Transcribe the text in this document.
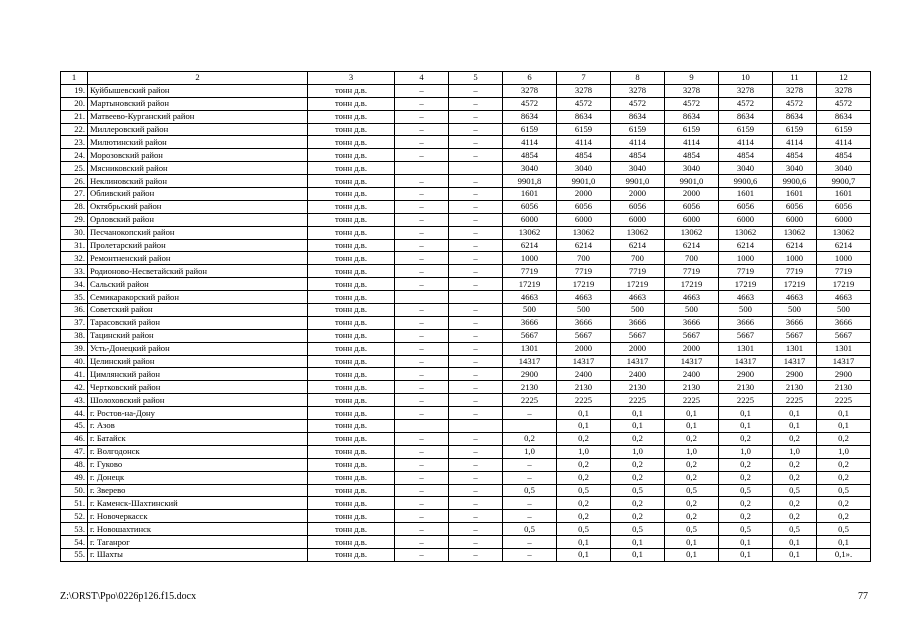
1	2	3	4	5	6	7	8	9	10	11	12
19.	Куйбышевский район	тонн д.в.	–	–	3278	3278	3278	3278	3278	3278	3278
20.	Мартыновский район	тонн д.в.	–	–	4572	4572	4572	4572	4572	4572	4572
21.	Матвеево-Курганский район	тонн д.в.	–	–	8634	8634	8634	8634	8634	8634	8634
22.	Миллеровский район	тонн д.в.	–	–	6159	6159	6159	6159	6159	6159	6159
23.	Милютинский район	тонн д.в.	–	–	4114	4114	4114	4114	4114	4114	4114
24.	Морозовский район	тонн д.в.	–	–	4854	4854	4854	4854	4854	4854	4854
25.	Мясниковский район	тонн д.в.			3040	3040	3040	3040	3040	3040	3040
26.	Неклиновский район	тонн д.в.	–	–	9901,8	9901,0	9901,0	9901,0	9900,6	9900,6	9900,7
27.	Обливский район	тонн д.в.	–	–	1601	2000	2000	2000	1601	1601	1601
28.	Октябрьский район	тонн д.в.	–	–	6056	6056	6056	6056	6056	6056	6056
29.	Орловский район	тонн д.в.	–	–	6000	6000	6000	6000	6000	6000	6000
30.	Песчанокопский район	тонн д.в.	–	–	13062	13062	13062	13062	13062	13062	13062
31.	Пролетарский район	тонн д.в.	–	–	6214	6214	6214	6214	6214	6214	6214
32.	Ремонтненский район	тонн д.в.	–	–	1000	700	700	700	1000	1000	1000
33.	Родионово-Несветайский район	тонн д.в.	–	–	7719	7719	7719	7719	7719	7719	7719
34.	Сальский район	тонн д.в.	–	–	17219	17219	17219	17219	17219	17219	17219
35.	Семикаракорский район	тонн д.в.			4663	4663	4663	4663	4663	4663	4663
36.	Советский район	тонн д.в.	–	–	500	500	500	500	500	500	500
37.	Тарасовский район	тонн д.в.	–	–	3666	3666	3666	3666	3666	3666	3666
38.	Тацинский район	тонн д.в.	–	–	5667	5667	5667	5667	5667	5667	5667
39.	Усть-Донецкий район	тонн д.в.	–	–	1301	2000	2000	2000	1301	1301	1301
40.	Целинский район	тонн д.в.	–	–	14317	14317	14317	14317	14317	14317	14317
41.	Цимлянский район	тонн д.в.	–	–	2900	2400	2400	2400	2900	2900	2900
42.	Чертковский район	тонн д.в.	–	–	2130	2130	2130	2130	2130	2130	2130
43.	Шолоховский район	тонн д.в.	–	–	2225	2225	2225	2225	2225	2225	2225
44.	г. Ростов-на-Дону	тонн д.в.	–	–	–	0,1	0,1	0,1	0,1	0,1	0,1
45.	г. Азов	тонн д.в.				0,1	0,1	0,1	0,1	0,1	0,1
46.	г. Батайск	тонн д.в.	–	–	0,2	0,2	0,2	0,2	0,2	0,2	0,2
47.	г. Волгодонск	тонн д.в.	–	–	1,0	1,0	1,0	1,0	1,0	1,0	1,0
48.	г. Гуково	тонн д.в.	–	–	–	0,2	0,2	0,2	0,2	0,2	0,2
49.	г. Донецк	тонн д.в.	–	–	–	0,2	0,2	0,2	0,2	0,2	0,2
50.	г. Зверево	тонн д.в.	–	–	0,5	0,5	0,5	0,5	0,5	0,5	0,5
51.	г. Каменск-Шахтинский	тонн д.в.	–	–	–	0,2	0,2	0,2	0,2	0,2	0,2
52.	г. Новочеркасск	тонн д.в.	–	–	–	0,2	0,2	0,2	0,2	0,2	0,2
53.	г. Новошахтинск	тонн д.в.	–	–	0,5	0,5	0,5	0,5	0,5	0,5	0,5
54.	г. Таганрог	тонн д.в.	–	–	–	0,1	0,1	0,1	0,1	0,1	0,1
55.	г. Шахты	тонн д.в.	–	–	–	0,1	0,1	0,1	0,1	0,1	0,1».
Z:\ORST\Ppo\0226p126.f15.docx	77
